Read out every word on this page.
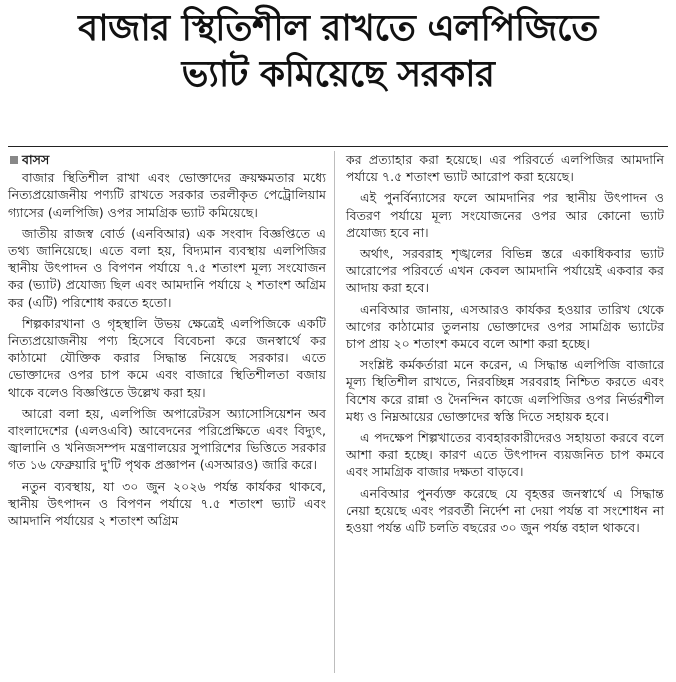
বাজার স্থিতিশীল রাখতে এলপিজিতে
ভ্যাট কমিয়েছে সরকার
বাসস

বাজার স্থিতিশীল রাখা এবং ভোক্তাদের ক্রয়ক্ষমতার মধ্যে নিত্যপ্রয়োজনীয় পণ্যটি রাখতে সরকার তরলীকৃত পেট্রোলিয়াম গ্যাসের (এলপিজি) ওপর সামগ্রিক ভ্যাট কমিয়েছে।

জাতীয় রাজস্ব বোর্ড (এনবিআর) এক সংবাদ বিজ্ঞপ্তিতে এ তথ্য জানিয়েছে। এতে বলা হয়, বিদ্যমান ব্যবস্থায় এলপিজির স্থানীয় উৎপাদন ও বিপণন পর্যায়ে ৭.৫ শতাংশ মূল্য সংযোজন কর (ভ্যাট) প্রযোজ্য ছিল এবং আমদানি পর্যায়ে ২ শতাংশ অগ্রিম কর (এটি) পরিশোধ করতে হতো।

শিল্পকারখানা ও গৃহস্থালি উভয় ক্ষেত্রেই এলপিজিকে একটি নিত্যপ্রয়োজনীয় পণ্য হিসেবে বিবেচনা করে জনস্বার্থে কর কাঠামো যৌক্তিক করার সিদ্ধান্ত নিয়েছে সরকার। এতে ভোক্তাদের ওপর চাপ কমে এবং বাজারে স্থিতিশীলতা বজায় থাকে বলেও বিজ্ঞপ্তিতে উল্লেখ করা হয়।

আরো বলা হয়, এলপিজি অপারেটরস অ্যাসোসিয়েশন অব বাংলাদেশের (এলওএবি) আবেদনের পরিপ্রেক্ষিতে এবং বিদ্যুৎ, জ্বালানি ও খনিজসম্পদ মন্ত্রণালয়ের সুপারিশের ভিত্তিতে সরকার গত ১৬ ফেব্রুয়ারি দু'টি পৃথক প্রজ্ঞাপন (এসআরও) জারি করে।

নতুন ব্যবস্থায়, যা ৩০ জুন ২০২৬ পর্যন্ত কার্যকর থাকবে, স্থানীয় উৎপাদন ও বিপণন পর্যায়ে ৭.৫ শতাংশ ভ্যাট এবং আমদানি পর্যায়ের ২ শতাংশ অগ্রিম

কর প্রত্যাহার করা হয়েছে। এর পরিবর্তে এলপিজির আমদানি পর্যায়ে ৭.৫ শতাংশ ভ্যাট আরোপ করা হয়েছে।

এই পুনর্বিন্যাসের ফলে আমদানির পর স্থানীয় উৎপাদন ও বিতরণ পর্যায়ে মূল্য সংযোজনের ওপর আর কোনো ভ্যাট প্রযোজ্য হবে না।

অর্থাৎ, সরবরাহ শৃঙ্খলের বিভিন্ন স্তরে একাধিকবার ভ্যাট আরোপের পরিবর্তে এখন কেবল আমদানি পর্যায়েই একবার কর আদায় করা হবে।

এনবিআর জানায়, এসআরও কার্যকর হওয়ার তারিখ থেকে আগের কাঠামোর তুলনায় ভোক্তাদের ওপর সামগ্রিক ভ্যাটের চাপ প্রায় ২০ শতাংশ কমবে বলে আশা করা হচ্ছে।

সংশ্লিষ্ট কর্মকর্তারা মনে করেন, এ সিদ্ধান্ত এলপিজি বাজারে মূল্য স্থিতিশীল রাখতে, নিরবচ্ছিন্ন সরবরাহ নিশ্চিত করতে এবং বিশেষ করে রান্না ও দৈনন্দিন কাজে এলপিজির ওপর নির্ভরশীল মধ্য ও নিম্নআয়ের ভোক্তাদের স্বস্তি দিতে সহায়ক হবে।

এ পদক্ষেপ শিল্পখাতের ব্যবহারকারীদেরও সহায়তা করবে বলে আশা করা হচ্ছে। কারণ এতে উৎপাদন ব্যয়জনিত চাপ কমবে এবং সামগ্রিক বাজার দক্ষতা বাড়বে।

এনবিআর পুনর্ব্যক্ত করেছে যে বৃহত্তর জনস্বার্থে এ সিদ্ধান্ত নেয়া হয়েছে এবং পরবর্তী নির্দেশ না দেয়া পর্যন্ত বা সংশোধন না হওয়া পর্যন্ত এটি চলতি বছরের ৩০ জুন পর্যন্ত বহাল থাকবে।
